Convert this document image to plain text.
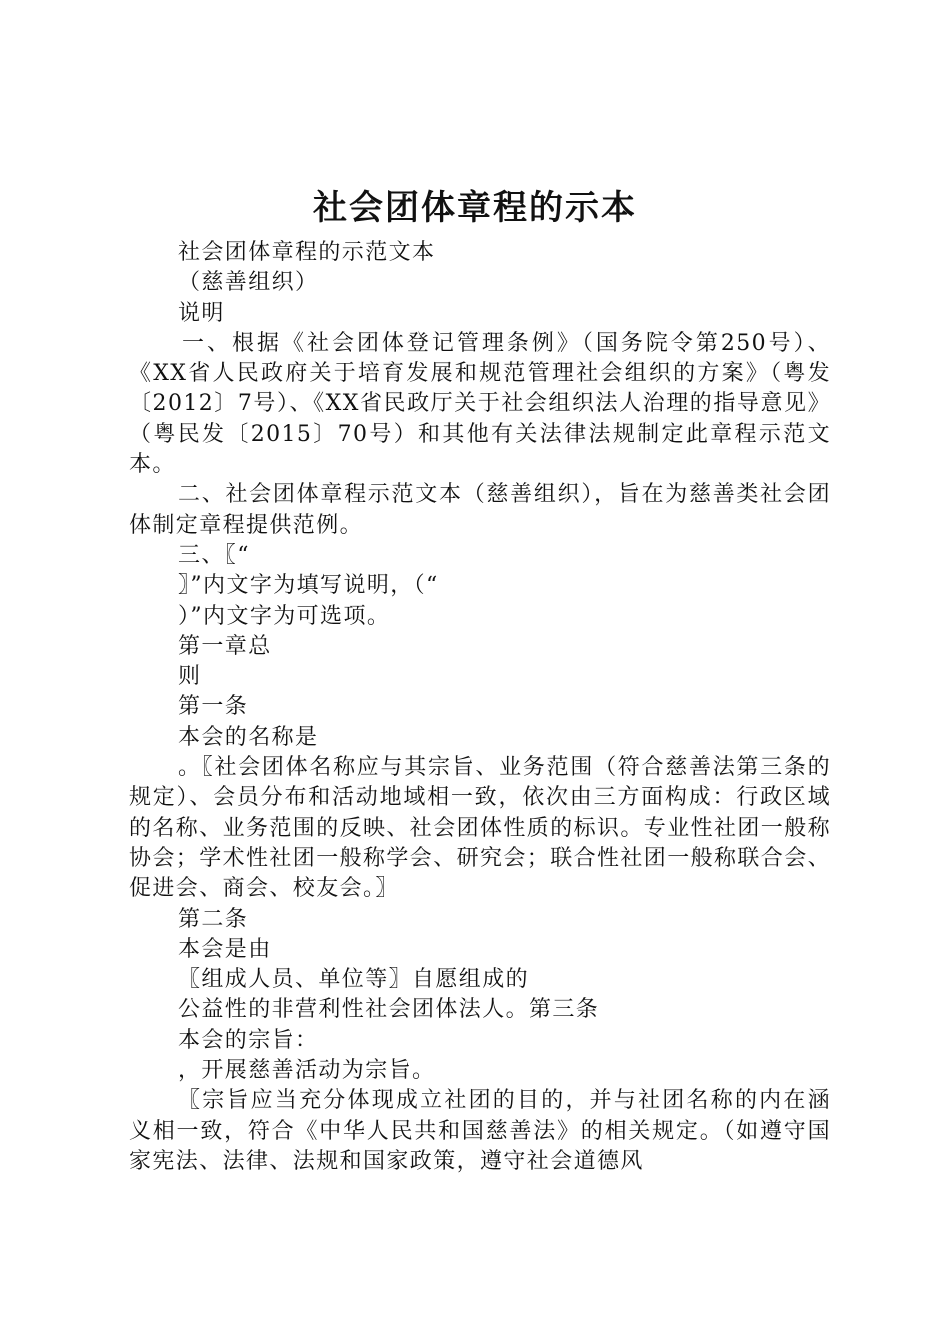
社会团体章程的示本

社会团体章程的示范文本

（慈善组织）

说明

一、根据《社会团体登记管理条例》（国务院令第250号）、《XX省人民政府关于培育发展和规范管理社会组织的方案》（粤发〔2012〕7号）、《XX省民政厅关于社会组织法人治理的指导意见》（粤民发〔2015〕70号）和其他有关法律法规制定此章程示范文本。

二、社会团体章程示范文本（慈善组织），旨在为慈善类社会团体制定章程提供范例。

三、〖“

〗”内文字为填写说明，（“

）”内文字为可选项。

第一章总

则

第一条

本会的名称是

。〖社会团体名称应与其宗旨、业务范围（符合慈善法第三条的规定）、会员分布和活动地域相一致，依次由三方面构成：行政区域的名称、业务范围的反映、社会团体性质的标识。专业性社团一般称协会；学术性社团一般称学会、研究会；联合性社团一般称联合会、促进会、商会、校友会。〗

第二条

本会是由

〖组成人员、单位等〗自愿组成的

公益性的非营利性社会团体法人。第三条

本会的宗旨：

，开展慈善活动为宗旨。

〖宗旨应当充分体现成立社团的目的，并与社团名称的内在涵义相一致，符合《中华人民共和国慈善法》的相关规定。（如遵守国家宪法、法律、法规和国家政策，遵守社会道德风
